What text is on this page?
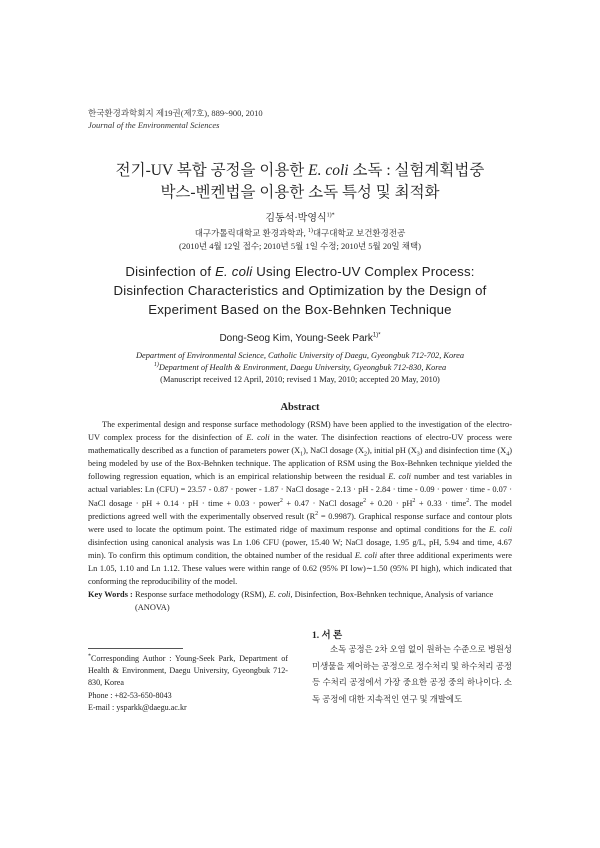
한국환경과학회지 제19권(제7호), 889~900, 2010
Journal of the Environmental Sciences
전기-UV 복합 공정을 이용한 E. coli 소독 : 실험계획법중
박스-벤켄법을 이용한 소독 특성 및 최적화
김동석·박영식$^{1)*}$
대구가톨릭대학교 환경과학과, $^{1)}$대구대학교 보건환경전공
(2010년 4월 12일 접수; 2010년 5월 1일 수정; 2010년 5월 20일 채택)
Disinfection of E. coli Using Electro-UV Complex Process:
Disinfection Characteristics and Optimization by the Design of
Experiment Based on the Box-Behnken Technique
Dong-Seog Kim, Young-Seek Park$^{1)*}$
Department of Environmental Science, Catholic University of Daegu, Gyeongbuk 712-702, Korea
$^{1)}$Department of Health & Environment, Daegu University, Gyeongbuk 712-830, Korea
(Manuscript received 12 April, 2010; revised 1 May, 2010; accepted 20 May, 2010)
Abstract

The experimental design and response surface methodology (RSM) have been applied to the investigation of the electro-UV complex process for the disinfection of E. coli in the water. The disinfection reactions of electro-UV process were mathematically described as a function of parameters power $(X_1)$, NaCl dosage $(X_2)$, initial pH $(X_3)$ and disinfection time $(X_4)$ being modeled by use of the Box-Behnken technique. The application of RSM using the Box-Behnken technique yielded the following regression equation, which is an empirical relationship between the residual E. coli number and test variables in actual variables: Ln (CFU) = 23.57 - 0.87 · power - 1.87 · NaCl dosage - 2.13 · pH - 2.84 · time - 0.09 · power · time - 0.07 · NaCl dosage · pH + 0.14 · pH · time + 0.03 · power$^2$ + 0.47 · NaCl dosage$^2$ + $0.20 \cdot pH^2 + 0.33$ · time$^2$. The model predictions agreed well with the experimentally observed result $(R^2 = 0.9987)$. Graphical response surface and contour plots were used to locate the optimum point. The estimated ridge of maximum response and optimal conditions for the E. coli disinfection using canonical analysis was Ln 1.06 CFU (power, 15.40 W; NaCl dosage, 1.95 g/L, pH, 5.94 and time, 4.67 min). To confirm this optimum condition, the obtained number of the residual E. coli after three additional experiments were Ln 1.05, 1.10 and Ln 1.12. These values were within range of 0.62 (95% PI low)∼1.50 (95% PI high), which indicated that conforming the reproducibility of the model.

Key Words : Response surface methodology (RSM), E. coli, Disinfection, Box-Behnken technique, Analysis of variance (ANOVA)
1. 서 론

소독 공정은 2차 오염 없이 원하는 수준으로 병원성 미생물을 제어하는 공정으로 정수처리 및 하수처리 공정 등 수처리 공정에서 가장 중요한 공정 중의 하나이다. 소독 공정에 대한 지속적인 연구 및 개발에도

*Corresponding Author : Young-Seek Park, Department of Health & Environment, Daegu University, Gyeongbuk 712-830, Korea

Phone : +82-53-650-8043

E-mail : ysparkk@daegu.ac.kr
